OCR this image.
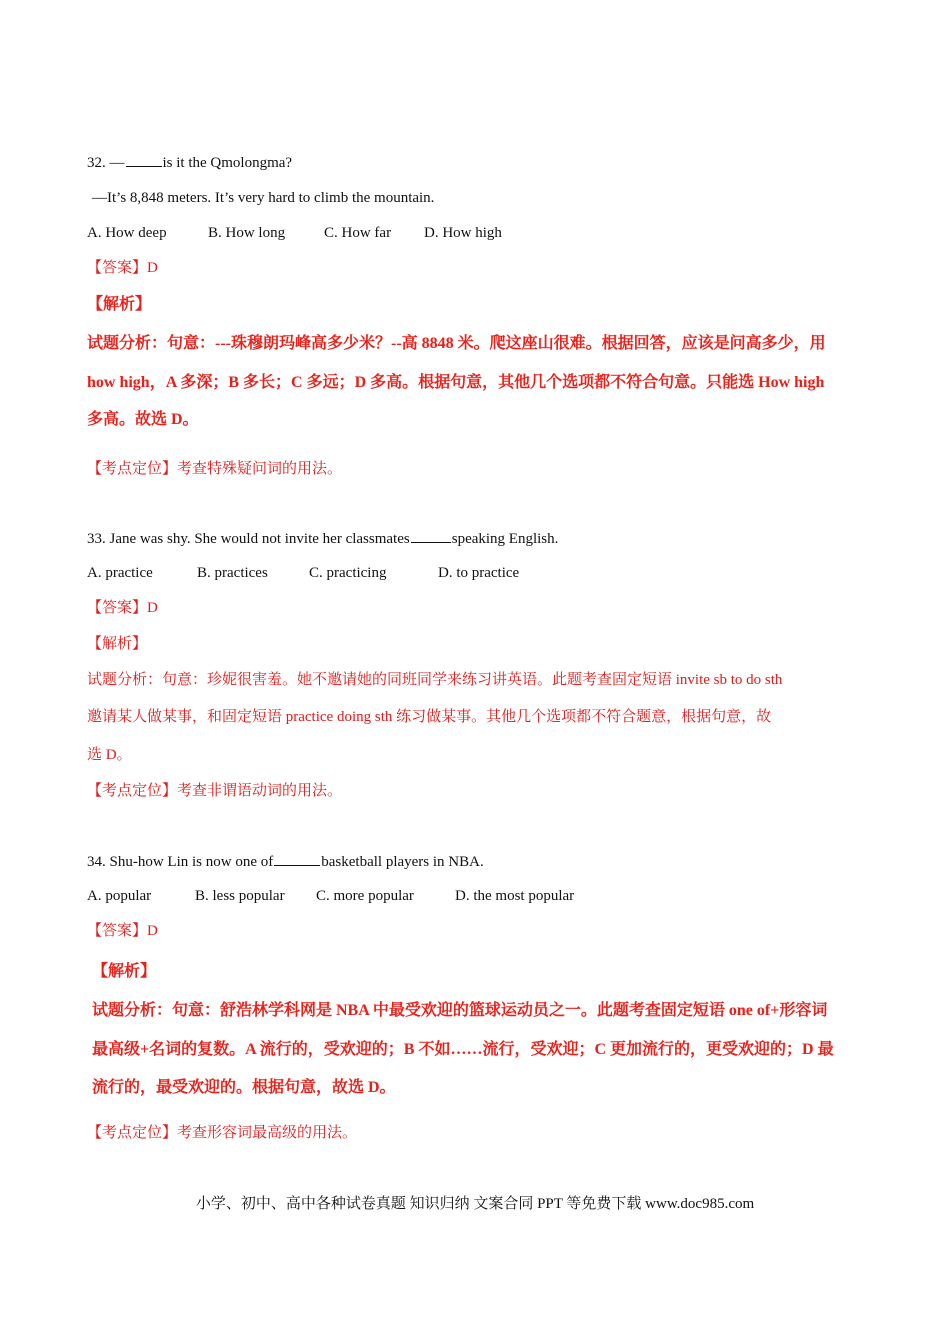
32. —	is it the Qmolongma?
—It’s 8,848 meters. It’s very hard to climb the mountain.
A. How deep	B. How long	C. How far D. How high
【答案】D
【解析】
试题分析：句意：---珠穆朗玛峰高多少米？--高 8848 米。爬这座山很难。根据回答，应该是问高多少，用
how high，A 多深；B 多长；C 多远；D 多高。根据句意，其他几个选项都不符合句意。只能选 How high
多高。故选 D。
【考点定位】考查特殊疑问词的用法。
33. Jane was shy. She would not invite her classmates	speaking English.
A. practice	B. practices	C. practicing	D. to practice
【答案】D
【解析】
试题分析：句意：珍妮很害羞。她不邀请她的同班同学来练习讲英语。此题考查固定短语 invite sb to do sth
邀请某人做某事，和固定短语 practice doing sth 练习做某事。其他几个选项都不符合题意，根据句意，故
选 D。
【考点定位】考查非谓语动词的用法。
34. Shu-how Lin is now one of	basketball players in NBA.
A. popular	B. less popular C. more popular	D. the most popular
【答案】D
【解析】
试题分析：句意：舒浩林学科网是 NBA 中最受欢迎的篮球运动员之一。此题考查固定短语 one of+形容词
最高级+名词的复数。A 流行的，受欢迎的；B 不如……流行，受欢迎；C 更加流行的，更受欢迎的；D 最
流行的，最受欢迎的。根据句意，故选 D。
【考点定位】考查形容词最高级的用法。
小学、初中、高中各种试卷真题 知识归纳 文案合同 PPT 等免费下载 www.doc985.com
